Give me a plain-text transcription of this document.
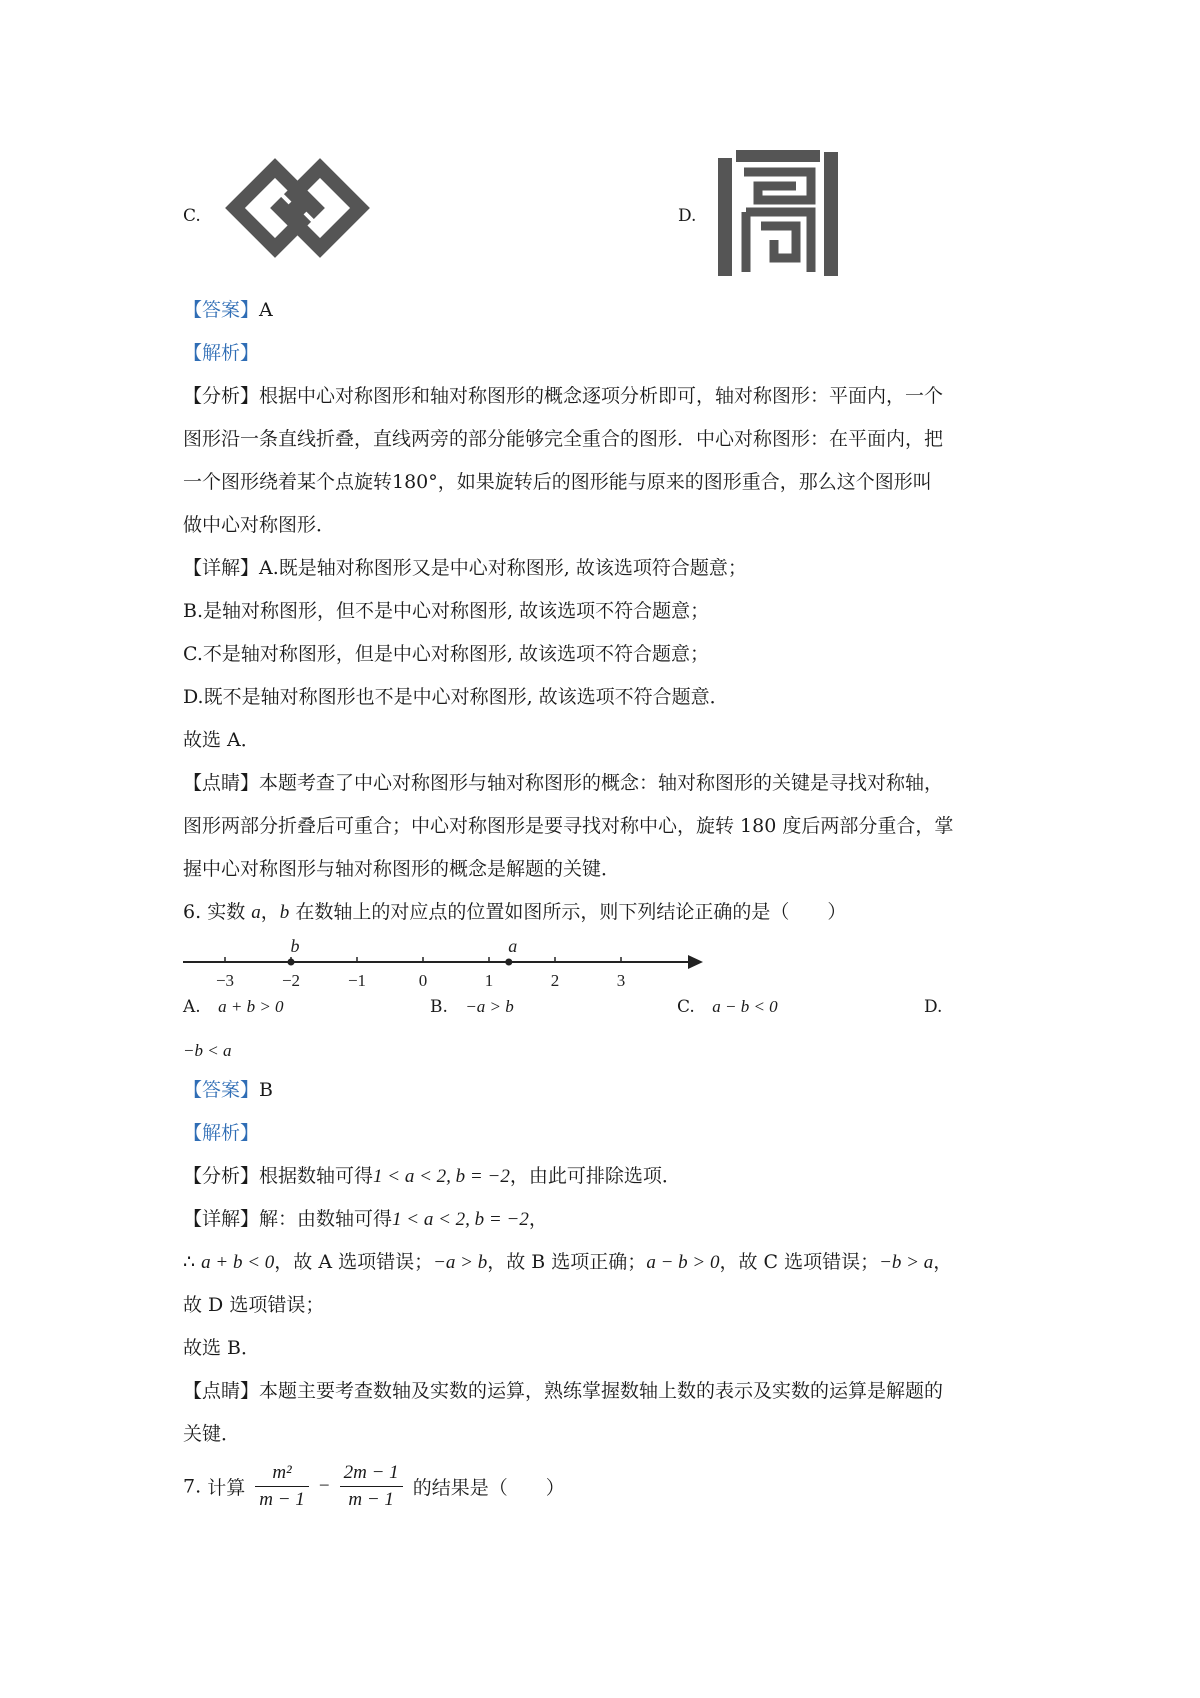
C.	D.
【答案】A
【解析】
【分析】根据中心对称图形和轴对称图形的概念逐项分析即可，轴对称图形：平面内，一个
图形沿一条直线折叠，直线两旁的部分能够完全重合的图形．中心对称图形：在平面内，把
一个图形绕着某个点旋转180°，如果旋转后的图形能与原来的图形重合，那么这个图形叫
做中心对称图形．
【详解】A.既是轴对称图形又是中心对称图形, 故该选项符合题意；
B.是轴对称图形，但不是中心对称图形, 故该选项不符合题意；
C.不是轴对称图形，但是中心对称图形, 故该选项不符合题意；
D.既不是轴对称图形也不是中心对称图形, 故该选项不符合题意．
故选 A．
【点睛】本题考查了中心对称图形与轴对称图形的概念：轴对称图形的关键是寻找对称轴，
图形两部分折叠后可重合；中心对称图形是要寻找对称中心，旋转 180 度后两部分重合，掌
握中心对称图形与轴对称图形的概念是解题的关键．
6. 实数 a，b 在数轴上的对应点的位置如图所示，则下列结论正确的是（　　）
−3	−2	−1	0	1	2	3
b	a
A. a + b > 0	B. −a > b	C. a − b < 0	D.
−b < a
【答案】B
【解析】
【分析】根据数轴可得1 < a < 2, b = −2，由此可排除选项．
【详解】解：由数轴可得1 < a < 2, b = −2，
∴ a + b < 0，故 A 选项错误；−a > b，故 B 选项正确；a − b > 0，故 C 选项错误；−b > a，
故 D 选项错误；
故选 B．
【点睛】本题主要考查数轴及实数的运算，熟练掌握数轴上数的表示及实数的运算是解题的
关键．
7. 计算 $\frac{\text{m²}}{m - 1} - \frac{2m - 1}{m - 1}$ 的结果是（　　）
